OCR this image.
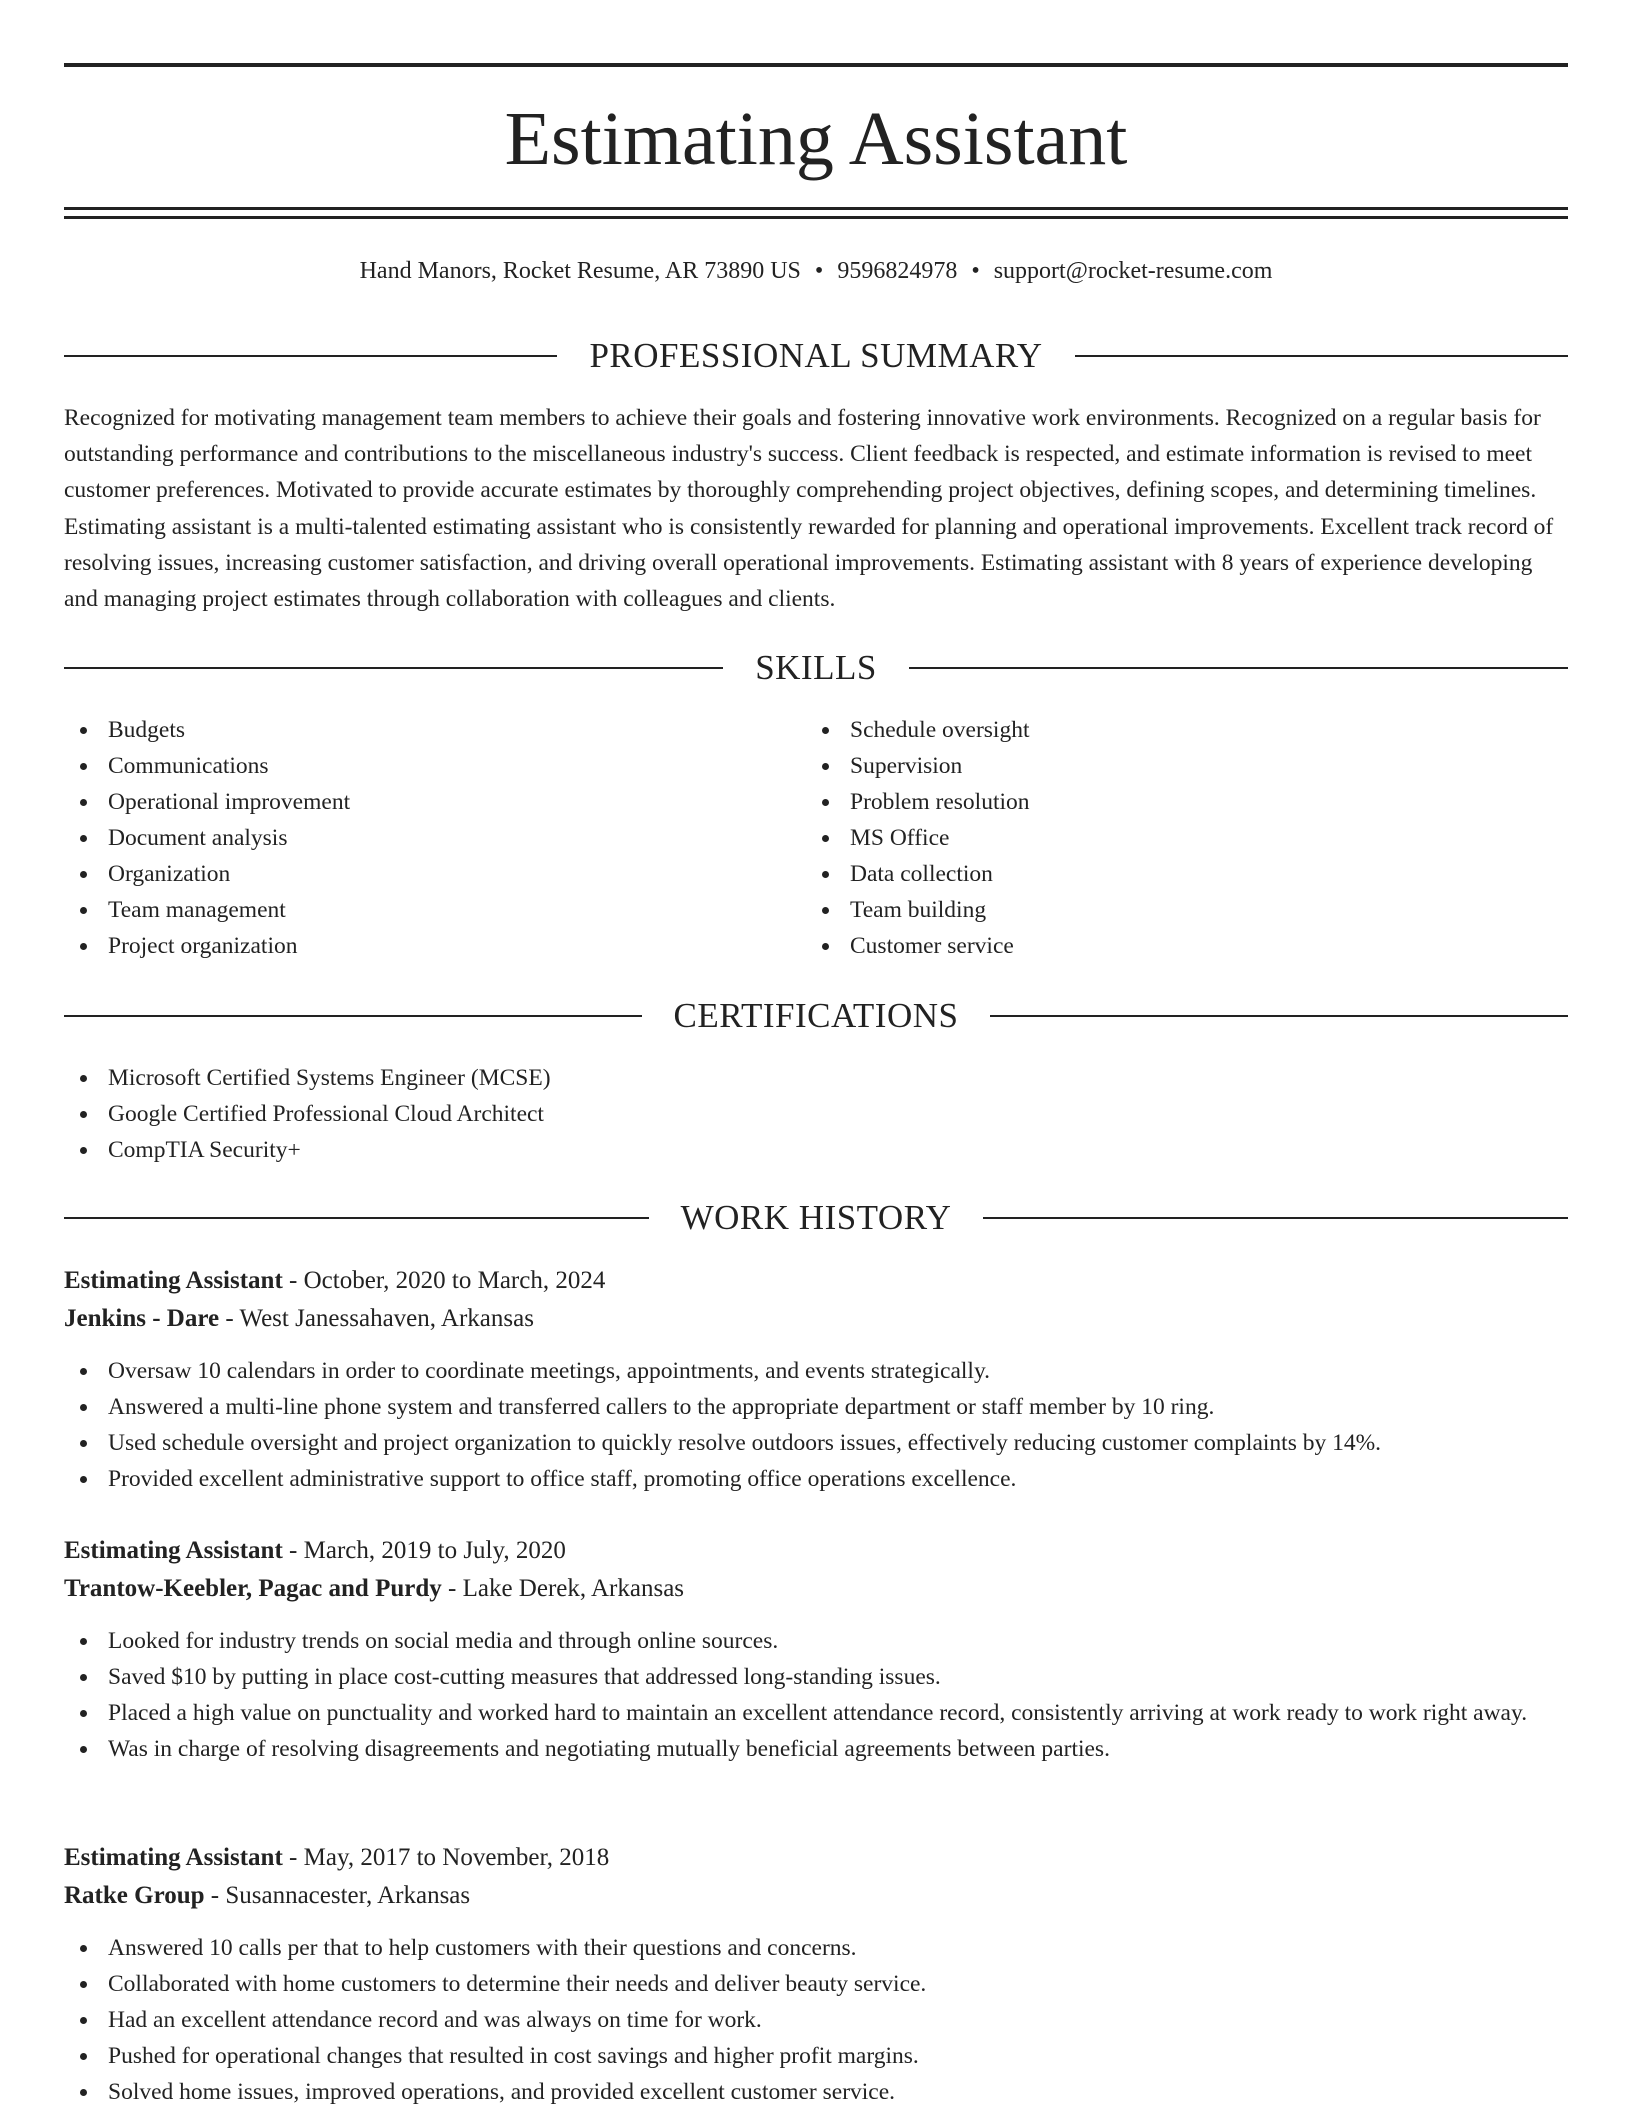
Estimating Assistant
Hand Manors, Rocket Resume, AR 73890 US • 9596824978 • support@rocket-resume.com
PROFESSIONAL SUMMARY

Recognized for motivating management team members to achieve their goals and fostering innovative work environments. Recognized on a regular basis for outstanding performance and contributions to the miscellaneous industry's success. Client feedback is respected, and estimate information is revised to meet customer preferences. Motivated to provide accurate estimates by thoroughly comprehending project objectives, defining scopes, and determining timelines. Estimating assistant is a multi-talented estimating assistant who is consistently rewarded for planning and operational improvements. Excellent track record of resolving issues, increasing customer satisfaction, and driving overall operational improvements. Estimating assistant with 8 years of experience developing and managing project estimates through collaboration with colleagues and clients.

SKILLS
Budgets
Communications
Operational improvement
Document analysis
Organization
Team management
Project organization
Schedule oversight
Supervision
Problem resolution
MS Office
Data collection
Team building
Customer service
CERTIFICATIONS
Microsoft Certified Systems Engineer (MCSE)
Google Certified Professional Cloud Architect
CompTIA Security+
WORK HISTORY
Estimating Assistant - October, 2020 to March, 2024
Jenkins - Dare - West Janessahaven, Arkansas
Oversaw 10 calendars in order to coordinate meetings, appointments, and events strategically.
Answered a multi-line phone system and transferred callers to the appropriate department or staff member by 10 ring.
Used schedule oversight and project organization to quickly resolve outdoors issues, effectively reducing customer complaints by 14%.
Provided excellent administrative support to office staff, promoting office operations excellence.
Estimating Assistant - March, 2019 to July, 2020
Trantow-Keebler, Pagac and Purdy - Lake Derek, Arkansas
Looked for industry trends on social media and through online sources.
Saved $10 by putting in place cost-cutting measures that addressed long-standing issues.
Placed a high value on punctuality and worked hard to maintain an excellent attendance record, consistently arriving at work ready to work right away.
Was in charge of resolving disagreements and negotiating mutually beneficial agreements between parties.
Estimating Assistant - May, 2017 to November, 2018
Ratke Group - Susannacester, Arkansas
Answered 10 calls per that to help customers with their questions and concerns.
Collaborated with home customers to determine their needs and deliver beauty service.
Had an excellent attendance record and was always on time for work.
Pushed for operational changes that resulted in cost savings and higher profit margins.
Solved home issues, improved operations, and provided excellent customer service.
